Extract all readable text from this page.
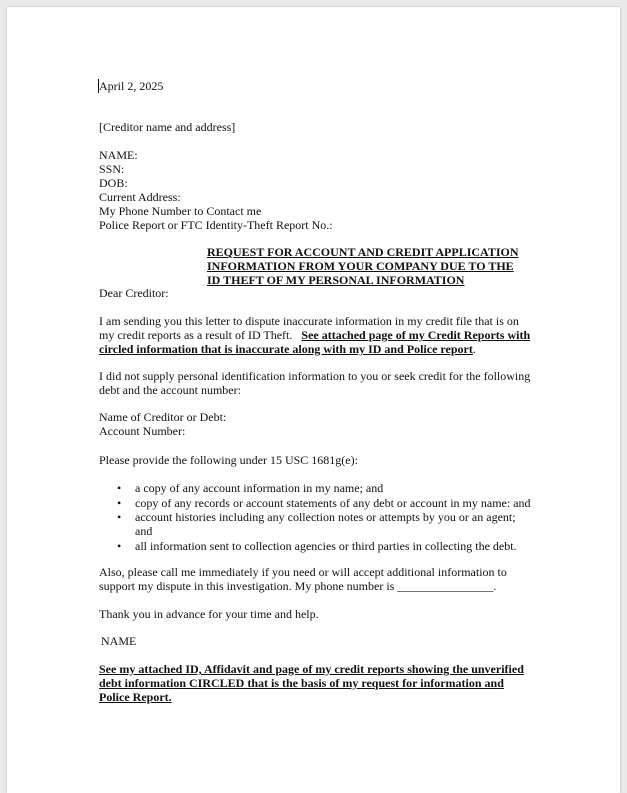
April 2, 2025
[Creditor name and address]
NAME:
SSN:
DOB:
Current Address:
My Phone Number to Contact me
Police Report or FTC Identity-Theft Report No.:
REQUEST FOR ACCOUNT AND CREDIT APPLICATION
INFORMATION FROM YOUR COMPANY DUE TO THE
ID THEFT OF MY PERSONAL INFORMATION
Dear Creditor:
I am sending you this letter to dispute inaccurate information in my credit file that is on
my credit reports as a result of ID Theft.   See attached page of my Credit Reports with
circled information that is inaccurate along with my ID and Police report.
I did not supply personal identification information to you or seek credit for the following
debt and the account number:
Name of Creditor or Debt:
Account Number:
Please provide the following under 15 USC 1681g(e):
• a copy of any account information in my name; and
• copy of any records or account statements of any debt or account in my name: and
• account histories including any collection notes or attempts by you or an agent;
and
• all information sent to collection agencies or third parties in collecting the debt.
Also, please call me immediately if you need or will accept additional information to
support my dispute in this investigation. My phone number is ________________.
Thank you in advance for your time and help.
NAME
See my attached ID, Affidavit and page of my credit reports showing the unverified
debt information CIRCLED that is the basis of my request for information and
Police Report.
